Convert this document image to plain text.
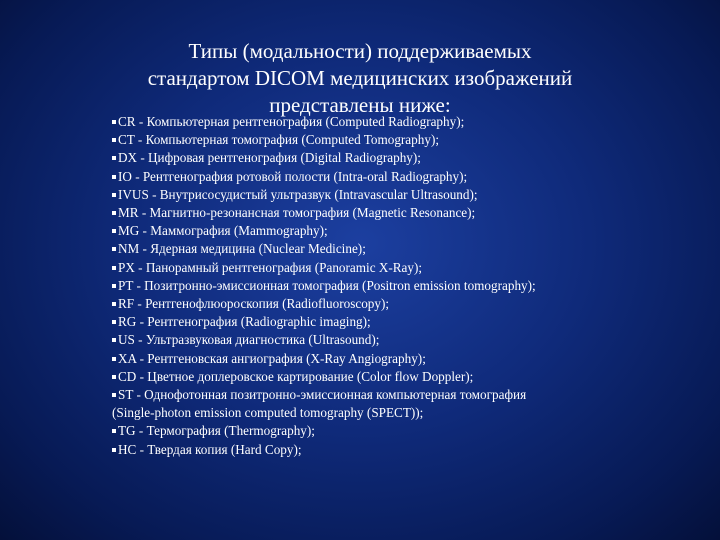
Типы (модальности) поддерживаемых
стандартом DICOM медицинских изображений
представлены ниже:
CR - Компьютерная рентгенография (Computed Radiography);
CT - Компьютерная томография (Computed Tomography);
DX - Цифровая рентгенография (Digital Radiography);
IO - Рентгенография ротовой полости (Intra-oral Radiography);
IVUS - Внутрисосудистый ультразвук (Intravascular Ultrasound);
MR - Магнитно-резонансная томография (Magnetic Resonance);
MG - Маммография (Mammography);
NM - Ядерная медицина (Nuclear Medicine);
PX - Панорамный рентгенография (Panoramic X-Ray);
PT - Позитронно-эмиссионная томография (Positron emission tomography);
RF - Рентгенофлюороскопия (Radiofluoroscopy);
RG - Рентгенография (Radiographic imaging);
US - Ультразвуковая диагностика (Ultrasound);
XA - Рентгеновская ангиография (X-Ray Angiography);
CD - Цветное доплеровское картирование (Color flow Doppler);
ST - Однофотонная позитронно-эмиссионная компьютерная томография
(Single-photon emission computed tomography (SPECT));
TG - Термография (Thermography);
HC - Твердая копия (Hard Copy);
